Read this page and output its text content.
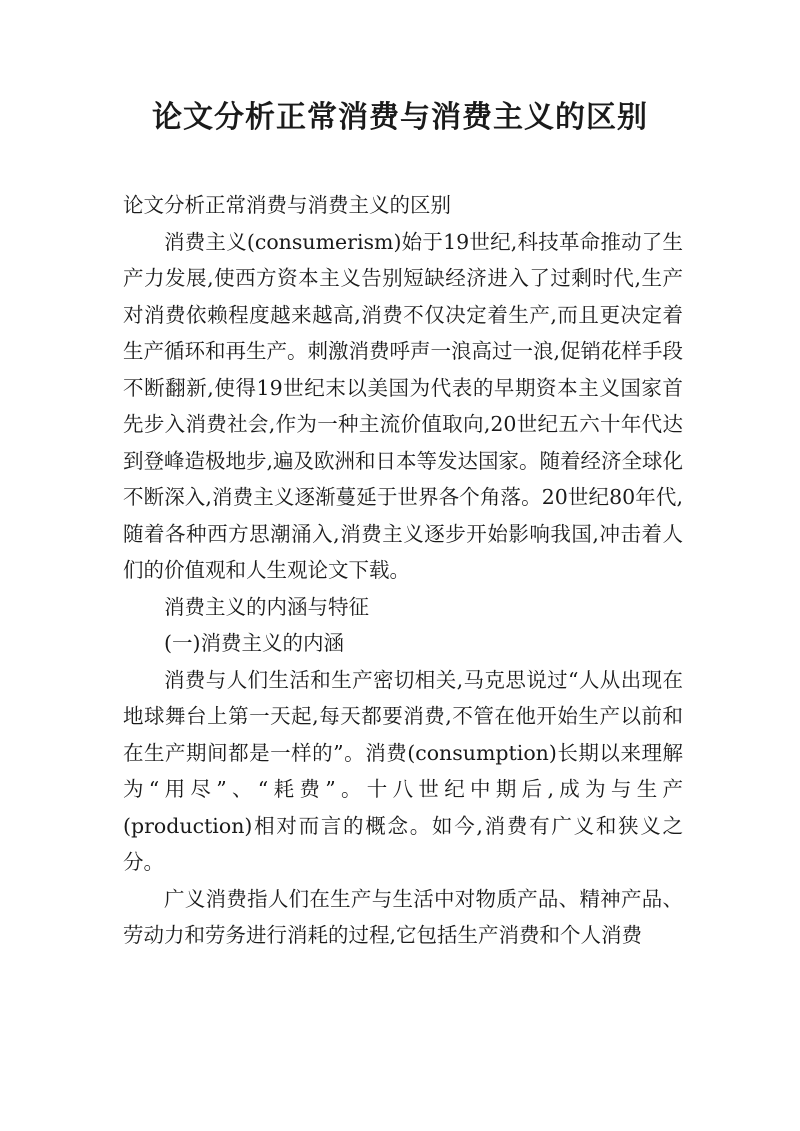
论文分析正常消费与消费主义的区别

论文分析正常消费与消费主义的区别

消费主义(consumerism)始于19世纪,科技革命推动了生产力发展,使西方资本主义告别短缺经济进入了过剩时代,生产对消费依赖程度越来越高,消费不仅决定着生产,而且更决定着生产循环和再生产。刺激消费呼声一浪高过一浪,促销花样手段不断翻新,使得19世纪末以美国为代表的早期资本主义国家首先步入消费社会,作为一种主流价值取向,20世纪五六十年代达到登峰造极地步,遍及欧洲和日本等发达国家。随着经济全球化不断深入,消费主义逐渐蔓延于世界各个角落。20世纪80年代,随着各种西方思潮涌入,消费主义逐步开始影响我国,冲击着人们的价值观和人生观论文下载。

消费主义的内涵与特征

(一)消费主义的内涵

消费与人们生活和生产密切相关,马克思说过“人从出现在地球舞台上第一天起,每天都要消费,不管在他开始生产以前和在生产期间都是一样的”。消费(consumption)长期以来理解为“用尽”、“耗费”。十八世纪中期后,成为与生产(production)相对而言的概念。如今,消费有广义和狭义之分。

广义消费指人们在生产与生活中对物质产品、精神产品、劳动力和劳务进行消耗的过程,它包括生产消费和个人消费
